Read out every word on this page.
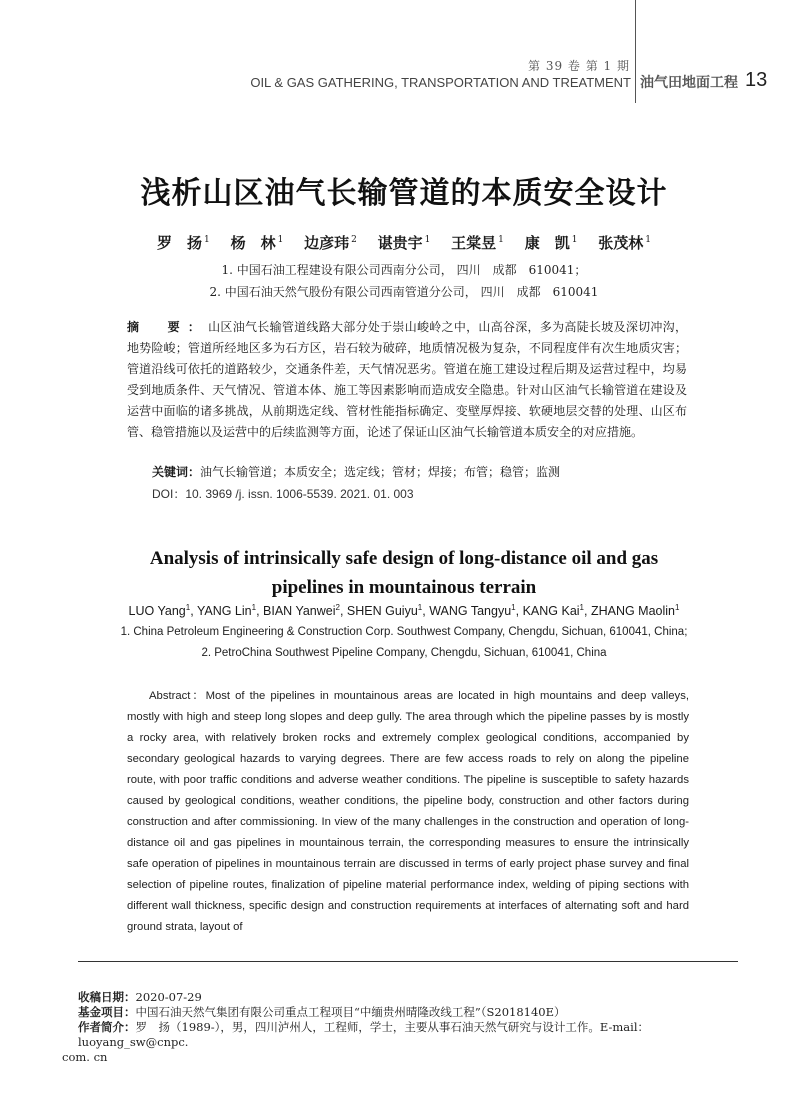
第 39 卷 第 1 期
OIL & GAS GATHERING, TRANSPORTATION AND TREATMENT 油气田地面工程 13
浅析山区油气长输管道的本质安全设计
罗　扬 $^1$ 杨　林 $^1$ 边彦玮 $^2$ 谌贵宇 $^1$ 王棠昱 $^1$ 康　凯 $^1$ 张茂林 $^1$
1. 中国石油工程建设有限公司西南分公司， 四川　成都　610041；
2. 中国石油天然气股份有限公司西南管道分公司， 四川　成都　610041
摘　要：山区油气长输管道线路大部分处于崇山峻岭之中，山高谷深，多为高陡长坡及深切冲沟，地势险峻；管道所经地区多为石方区，岩石较为破碎，地质情况极为复杂，不同程度伴有次生地质灾害；管道沿线可依托的道路较少，交通条件差，天气情况恶劣。管道在施工建设过程后期及运营过程中，均易受到地质条件、天气情况、管道本体、施工等因素影响而造成安全隐患。针对山区油气长输管道在建设及运营中面临的诸多挑战，从前期选定线、管材性能指标确定、变壁厚焊接、软硬地层交替的处理、山区布管、稳管措施以及运营中的后续监测等方面，论述了保证山区油气长输管道本质安全的对应措施。
关键词：油气长输管道；本质安全；选定线；管材；焊接；布管；稳管；监测
DOI：10. 3969 /j. issn. 1006-5539. 2021. 01. 003
Analysis of intrinsically safe design of long-distance oil and gas
pipelines in mountainous terrain
LUO Yang$^1$, YANG Lin$^1$, BIAN Yanwei$^2$, SHEN Guiyu$^1$, WANG Tangyu$^1$, KANG Kai$^1$, ZHANG Maolin$^1$
1. China Petroleum Engineering & Construction Corp. Southwest Company, Chengdu, Sichuan, 610041, China;
2. PetroChina Southwest Pipeline Company, Chengdu, Sichuan, 610041, China
Abstract：Most of the pipelines in mountainous areas are located in high mountains and deep valleys, mostly with high and steep long slopes and deep gully. The area through which the pipeline passes by is mostly a rocky area, with relatively broken rocks and extremely complex geological conditions, accompanied by secondary geological hazards to varying degrees. There are few access roads to rely on along the pipeline route, with poor traffic conditions and adverse weather conditions. The pipeline is susceptible to safety hazards caused by geological conditions, weather conditions, the pipeline body, construction and other factors during construction and after commissioning. In view of the many challenges in the construction and operation of long-distance oil and gas pipelines in mountainous terrain, the corresponding measures to ensure the intrinsically safe operation of pipelines in mountainous terrain are discussed in terms of early project phase survey and final selection of pipeline routes, finalization of pipeline material performance index, welding of piping sections with different wall thickness, specific design and construction requirements at interfaces of alternating soft and hard ground strata, layout of
收稿日期：2020-07-29
基金项目：中国石油天然气集团有限公司重点工程项目“中缅贵州晴隆改线工程”（S2018140E）
作者简介：罗　扬（1989-），男，四川泸州人，工程师，学士，主要从事石油天然气研究与设计工作。E-mail：luoyang_sw@cnpc.
com. cn
